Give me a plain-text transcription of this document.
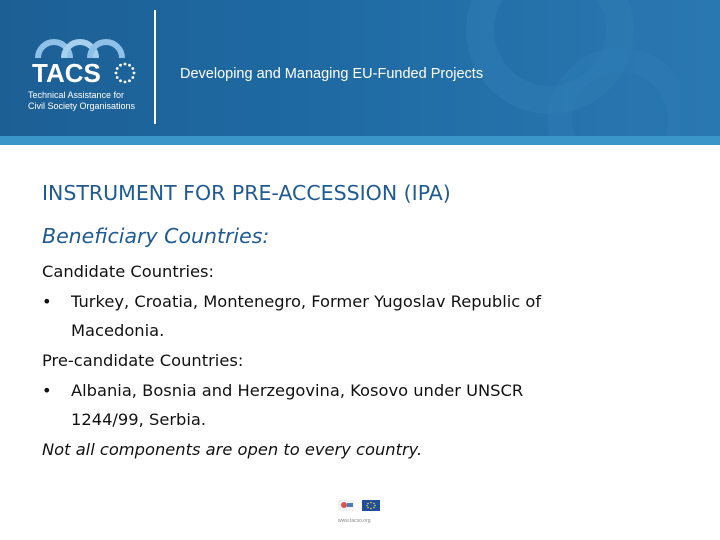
TACS
Technical Assistance for
Civil Society Organisations
Developing and Managing EU-Funded Projects
INSTRUMENT FOR PRE-ACCESSION (IPA)
Beneficiary Countries:
Candidate Countries:
• Turkey, Croatia, Montenegro, Former Yugoslav Republic of
Macedonia.
Pre-candidate Countries:
• Albania, Bosnia and Herzegovina, Kosovo under UNSCR
1244/99, Serbia.
Not all components are open to every country.
www.tacso.org
